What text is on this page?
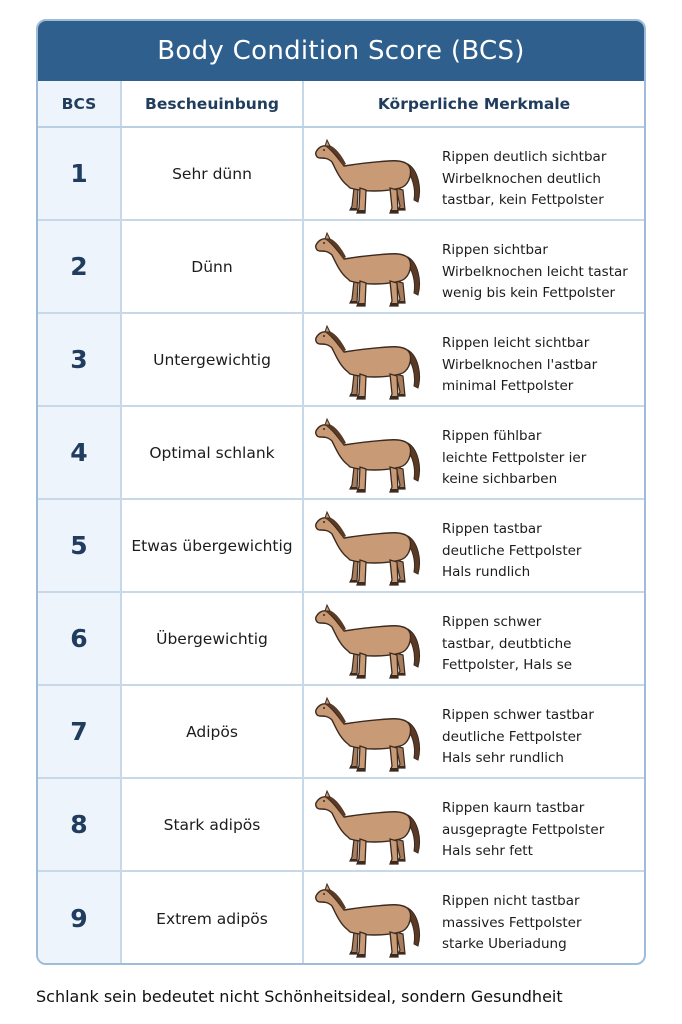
Body Condition Score (BCS)
BCS	Bescheuinbung	Körperliche Merkmale
1	Sehr dünn
Rippen deutlich sichtbar
Wirbelknochen deutlich
tastbar, kein Fettpolster
2	Dünn
Rippen sichtbar
Wirbelknochen leicht tastar
wenig bis kein Fettpolster
3	Untergewichtig
Rippen leicht sichtbar
Wirbelknochen l'astbar
minimal Fettpolster
4	Optimal schlank
Rippen fühlbar
leichte Fettpolster ier
keine sichbarben
5	Etwas übergewichtig
Rippen tastbar
deutliche Fettpolster
Hals rundlich
6	Übergewichtig
Rippen schwer
tastbar, deutbtiche
Fettpolster, Hals se
7	Adipös
Rippen schwer tastbar
deutliche Fettpolster
Hals sehr rundlich
8	Stark adipös
Rippen kaurn tastbar
ausgepragte Fettpolster
Hals sehr fett
9	Extrem adipös
Rippen nicht tastbar
massives Fettpolster
starke Uberiadung
Schlank sein bedeutet nicht Schönheitsideal, sondern Gesundheit
